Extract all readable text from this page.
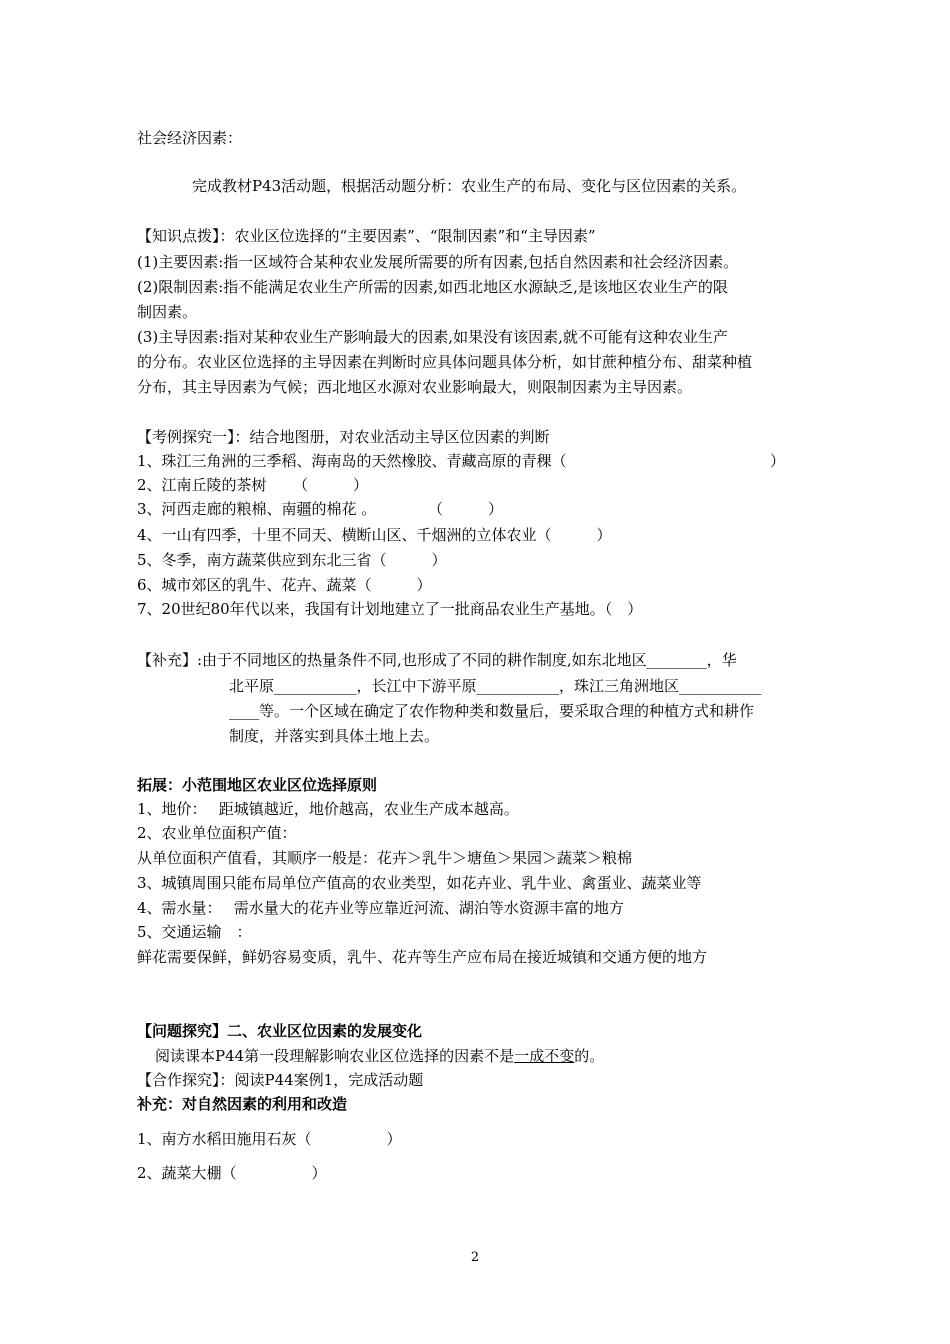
社会经济因素：
完成教材P43活动题，根据活动题分析：农业生产的布局、变化与区位因素的关系。
【知识点拨】：农业区位选择的“主要因素”、“限制因素”和“主导因素”
(1)主要因素:指一区域符合某种农业发展所需要的所有因素,包括自然因素和社会经济因素。
(2)限制因素:指不能满足农业生产所需的因素,如西北地区水源缺乏,是该地区农业生产的限
制因素。
(3)主导因素:指对某种农业生产影响最大的因素,如果没有该因素,就不可能有这种农业生产
的分布。农业区位选择的主导因素在判断时应具体问题具体分析，如甘蔗种植分布、甜菜种植
分布，其主导因素为气候；西北地区水源对农业影响最大，则限制因素为主导因素。
【考例探究一】：结合地图册，对农业活动主导区位因素的判断
1、珠江三角洲的三季稻、海南岛的天然橡胶、青藏高原的青稞（	）
2、江南丘陵的茶树 （　　　）
3、河西走廊的粮棉、南疆的棉花 。	（　　　）
4、一山有四季，十里不同天、横断山区、千烟洲的立体农业（　　　）
5、冬季，南方蔬菜供应到东北三省（　　　）
6、城市郊区的乳牛、花卉、蔬菜（　　　）
7、20世纪80年代以来，我国有计划地建立了一批商品农业生产基地。（　）
【补充】:由于不同地区的热量条件不同,也形成了不同的耕作制度,如东北地区________，华
北平原___________，长江中下游平原___________，珠江三角洲地区___________
____等。一个区域在确定了农作物种类和数量后，要采取合理的种植方式和耕作
制度，并落实到具体土地上去。
拓展：小范围地区农业区位选择原则
1、地价：　 距城镇越近，地价越高，农业生产成本越高。
2、农业单位面积产值：
从单位面积产值看，其顺序一般是：花卉＞乳牛＞塘鱼＞果园＞蔬菜＞粮棉
3、城镇周围只能布局单位产值高的农业类型，如花卉业、乳牛业、禽蛋业、蔬菜业等
4、需水量：　 需水量大的花卉业等应靠近河流、湖泊等水资源丰富的地方
5、交通运输　：
鲜花需要保鲜，鲜奶容易变质，乳牛、花卉等生产应布局在接近城镇和交通方便的地方
【问题探究】二、农业区位因素的发展变化
阅读课本P44第一段理解影响农业区位选择的因素不是一成不变的。
【合作探究】：阅读P44案例1，完成活动题
补充：对自然因素的利用和改造
1、南方水稻田施用石灰（　　　　　）
2、蔬菜大棚（　　　　　）
2
